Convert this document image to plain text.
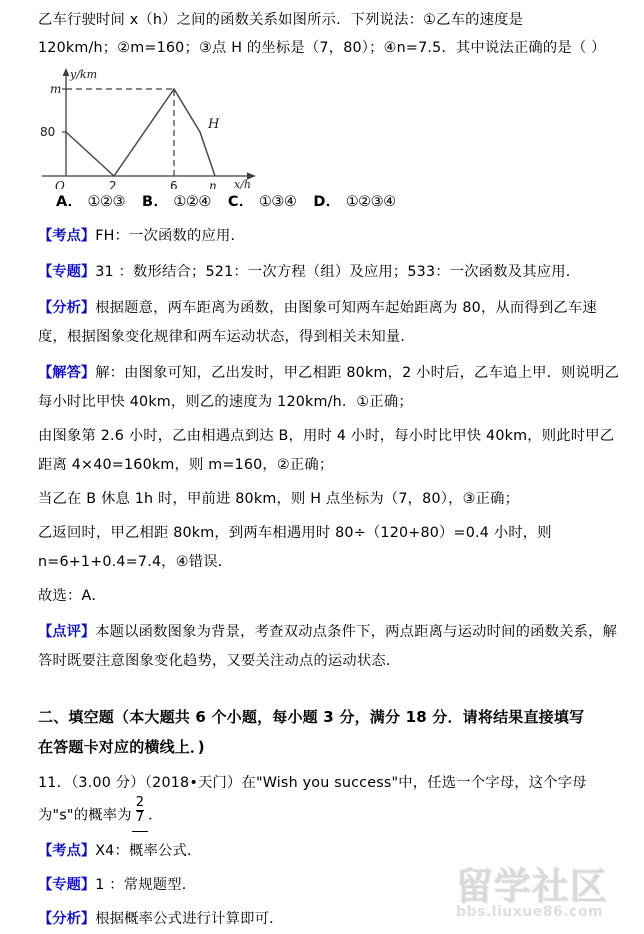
乙车行驶时间 x（h）之间的函数关系如图所示．下列说法：①乙车的速度是
120km/h；②m=160；③点 H 的坐标是（7，80）；④n=7.5．其中说法正确的是（ ）
y/km
x/h
80
m
O	2	6	n
H
A． ①②③ B． ①②④ C． ①③④ D． ①②③④
【考点】FH：一次函数的应用．
【专题】31 ：数形结合；521：一次方程（组）及应用；533：一次函数及其应用．
【分析】根据题意，两车距离为函数，由图象可知两车起始距离为 80，从而得到乙车速度，根据图象变化规律和两车运动状态，得到相关未知量．
【解答】解：由图象可知，乙出发时，甲乙相距 80km，2 小时后，乙车追上甲．则说明乙每小时比甲快 40km，则乙的速度为 120km/h．①正确；
由图象第 2.6 小时，乙由相遇点到达 B，用时 4 小时，每小时比甲快 40km，则此时甲乙距离 4×40=160km，则 m=160，②正确；
当乙在 B 休息 1h 时，甲前进 80km，则 H 点坐标为（7，80），③正确；
乙返回时，甲乙相距 80km，到两车相遇用时 80÷（120+80）=0.4 小时，则n=6+1+0.4=7.4，④错误．
故选：A．
【点评】本题以函数图象为背景，考查双动点条件下，两点距离与运动时间的函数关系，解答时既要注意图象变化趋势，又要关注动点的运动状态．
二、填空题（本大题共 6 个小题，每小题 3 分，满分 18 分．请将结果直接填写
在答题卡对应的横线上．)
11．（3.00 分）（2018•天门）在"Wish you success"中，任选一个字母，这个字母
为"s"的概率为 $\frac{2}{7}$ ．
【考点】X4：概率公式．
【专题】1 ：常规题型．
【分析】根据概率公式进行计算即可．
留学社区
bbs.liuxue86.com
